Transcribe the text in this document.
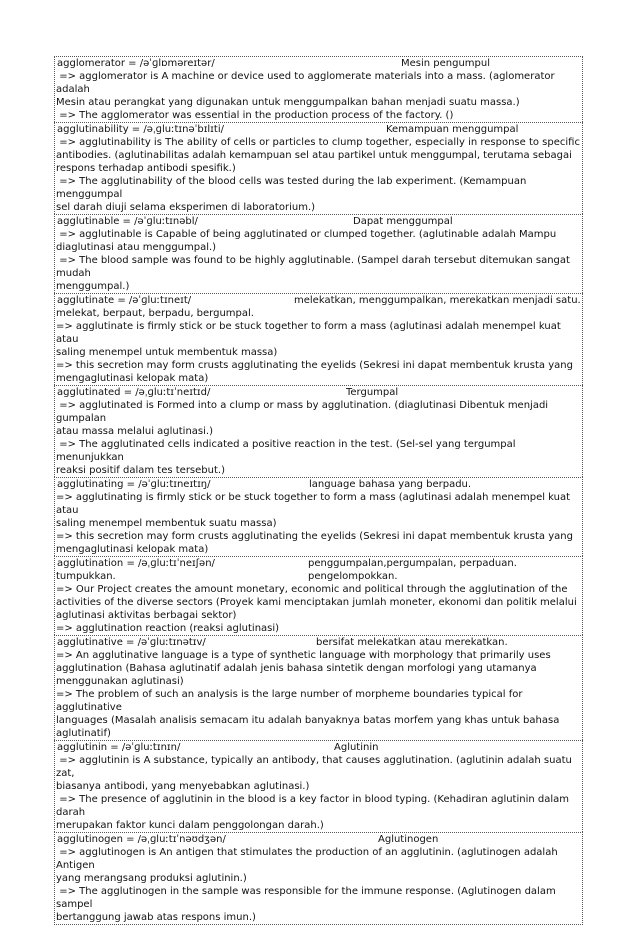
agglomerator = /əˈɡlɒməreɪtər/	Mesin pengumpul
=> agglomerator is A machine or device used to agglomerate materials into a mass. (aglomerator adalah
Mesin atau perangkat yang digunakan untuk menggumpalkan bahan menjadi suatu massa.)
=> The agglomerator was essential in the production process of the factory. ()
agglutinability = /əˌɡluːtɪnəˈbɪlɪti/	Kemampuan menggumpal
=> agglutinability is The ability of cells or particles to clump together, especially in response to specific
antibodies. (aglutinabilitas adalah kemampuan sel atau partikel untuk menggumpal, terutama sebagai
respons terhadap antibodi spesifik.)
=> The agglutinability of the blood cells was tested during the lab experiment. (Kemampuan menggumpal
sel darah diuji selama eksperimen di laboratorium.)
agglutinable = /əˈɡluːtɪnəbl/	Dapat menggumpal
=> agglutinable is Capable of being agglutinated or clumped together. (aglutinable adalah Mampu
diaglutinasi atau menggumpal.)
=> The blood sample was found to be highly agglutinable. (Sampel darah tersebut ditemukan sangat mudah
menggumpal.)
agglutinate = /əˈɡluːtɪneɪt/	melekatkan, menggumpalkan, merekatkan menjadi satu.
melekat, berpaut, berpadu, bergumpal.
=> agglutinate is firmly stick or be stuck together to form a mass (aglutinasi adalah menempel kuat atau
saling menempel untuk membentuk massa)
=> this secretion may form crusts agglutinating the eyelids (Sekresi ini dapat membentuk krusta yang
mengaglutinasi kelopak mata)
agglutinated = /əˌɡluːtɪˈneɪtɪd/	Tergumpal
=> agglutinated is Formed into a clump or mass by agglutination. (diaglutinasi Dibentuk menjadi gumpalan
atau massa melalui aglutinasi.)
=> The agglutinated cells indicated a positive reaction in the test. (Sel-sel yang tergumpal menunjukkan
reaksi positif dalam tes tersebut.)
agglutinating = /əˈɡluːtɪneɪtɪŋ/	language bahasa yang berpadu.
=> agglutinating is firmly stick or be stuck together to form a mass (aglutinasi adalah menempel kuat atau
saling menempel membentuk suatu massa)
=> this secretion may form crusts agglutinating the eyelids (Sekresi ini dapat membentuk krusta yang
mengaglutinasi kelopak mata)
agglutination = /əˌɡluːtɪˈneɪʃən/	penggumpalan,pergumpalan, perpaduan. pengelompokkan.
tumpukkan.
=> Our Project creates the amount monetary, economic and political through the agglutination of the
activities of the diverse sectors (Proyek kami menciptakan jumlah moneter, ekonomi dan politik melalui
aglutinasi aktivitas berbagai sektor)
=> agglutination reaction (reaksi aglutinasi)
agglutinative = /əˈɡluːtɪnətɪv/	bersifat melekatkan atau merekatkan.
=> An agglutinative language is a type of synthetic language with morphology that primarily uses
agglutination (Bahasa aglutinatif adalah jenis bahasa sintetik dengan morfologi yang utamanya
menggunakan aglutinasi)
=> The problem of such an analysis is the large number of morpheme boundaries typical for agglutinative
languages (Masalah analisis semacam itu adalah banyaknya batas morfem yang khas untuk bahasa
aglutinatif)
agglutinin = /əˈɡluːtɪnɪn/	Aglutinin
=> agglutinin is A substance, typically an antibody, that causes agglutination. (aglutinin adalah suatu zat,
biasanya antibodi, yang menyebabkan aglutinasi.)
=> The presence of agglutinin in the blood is a key factor in blood typing. (Kehadiran aglutinin dalam darah
merupakan faktor kunci dalam penggolongan darah.)
agglutinogen = /əˌɡluːtɪˈnəʊdʒən/	Aglutinogen
=> agglutinogen is An antigen that stimulates the production of an agglutinin. (aglutinogen adalah Antigen
yang merangsang produksi aglutinin.)
=> The agglutinogen in the sample was responsible for the immune response. (Aglutinogen dalam sampel
bertanggung jawab atas respons imun.)
